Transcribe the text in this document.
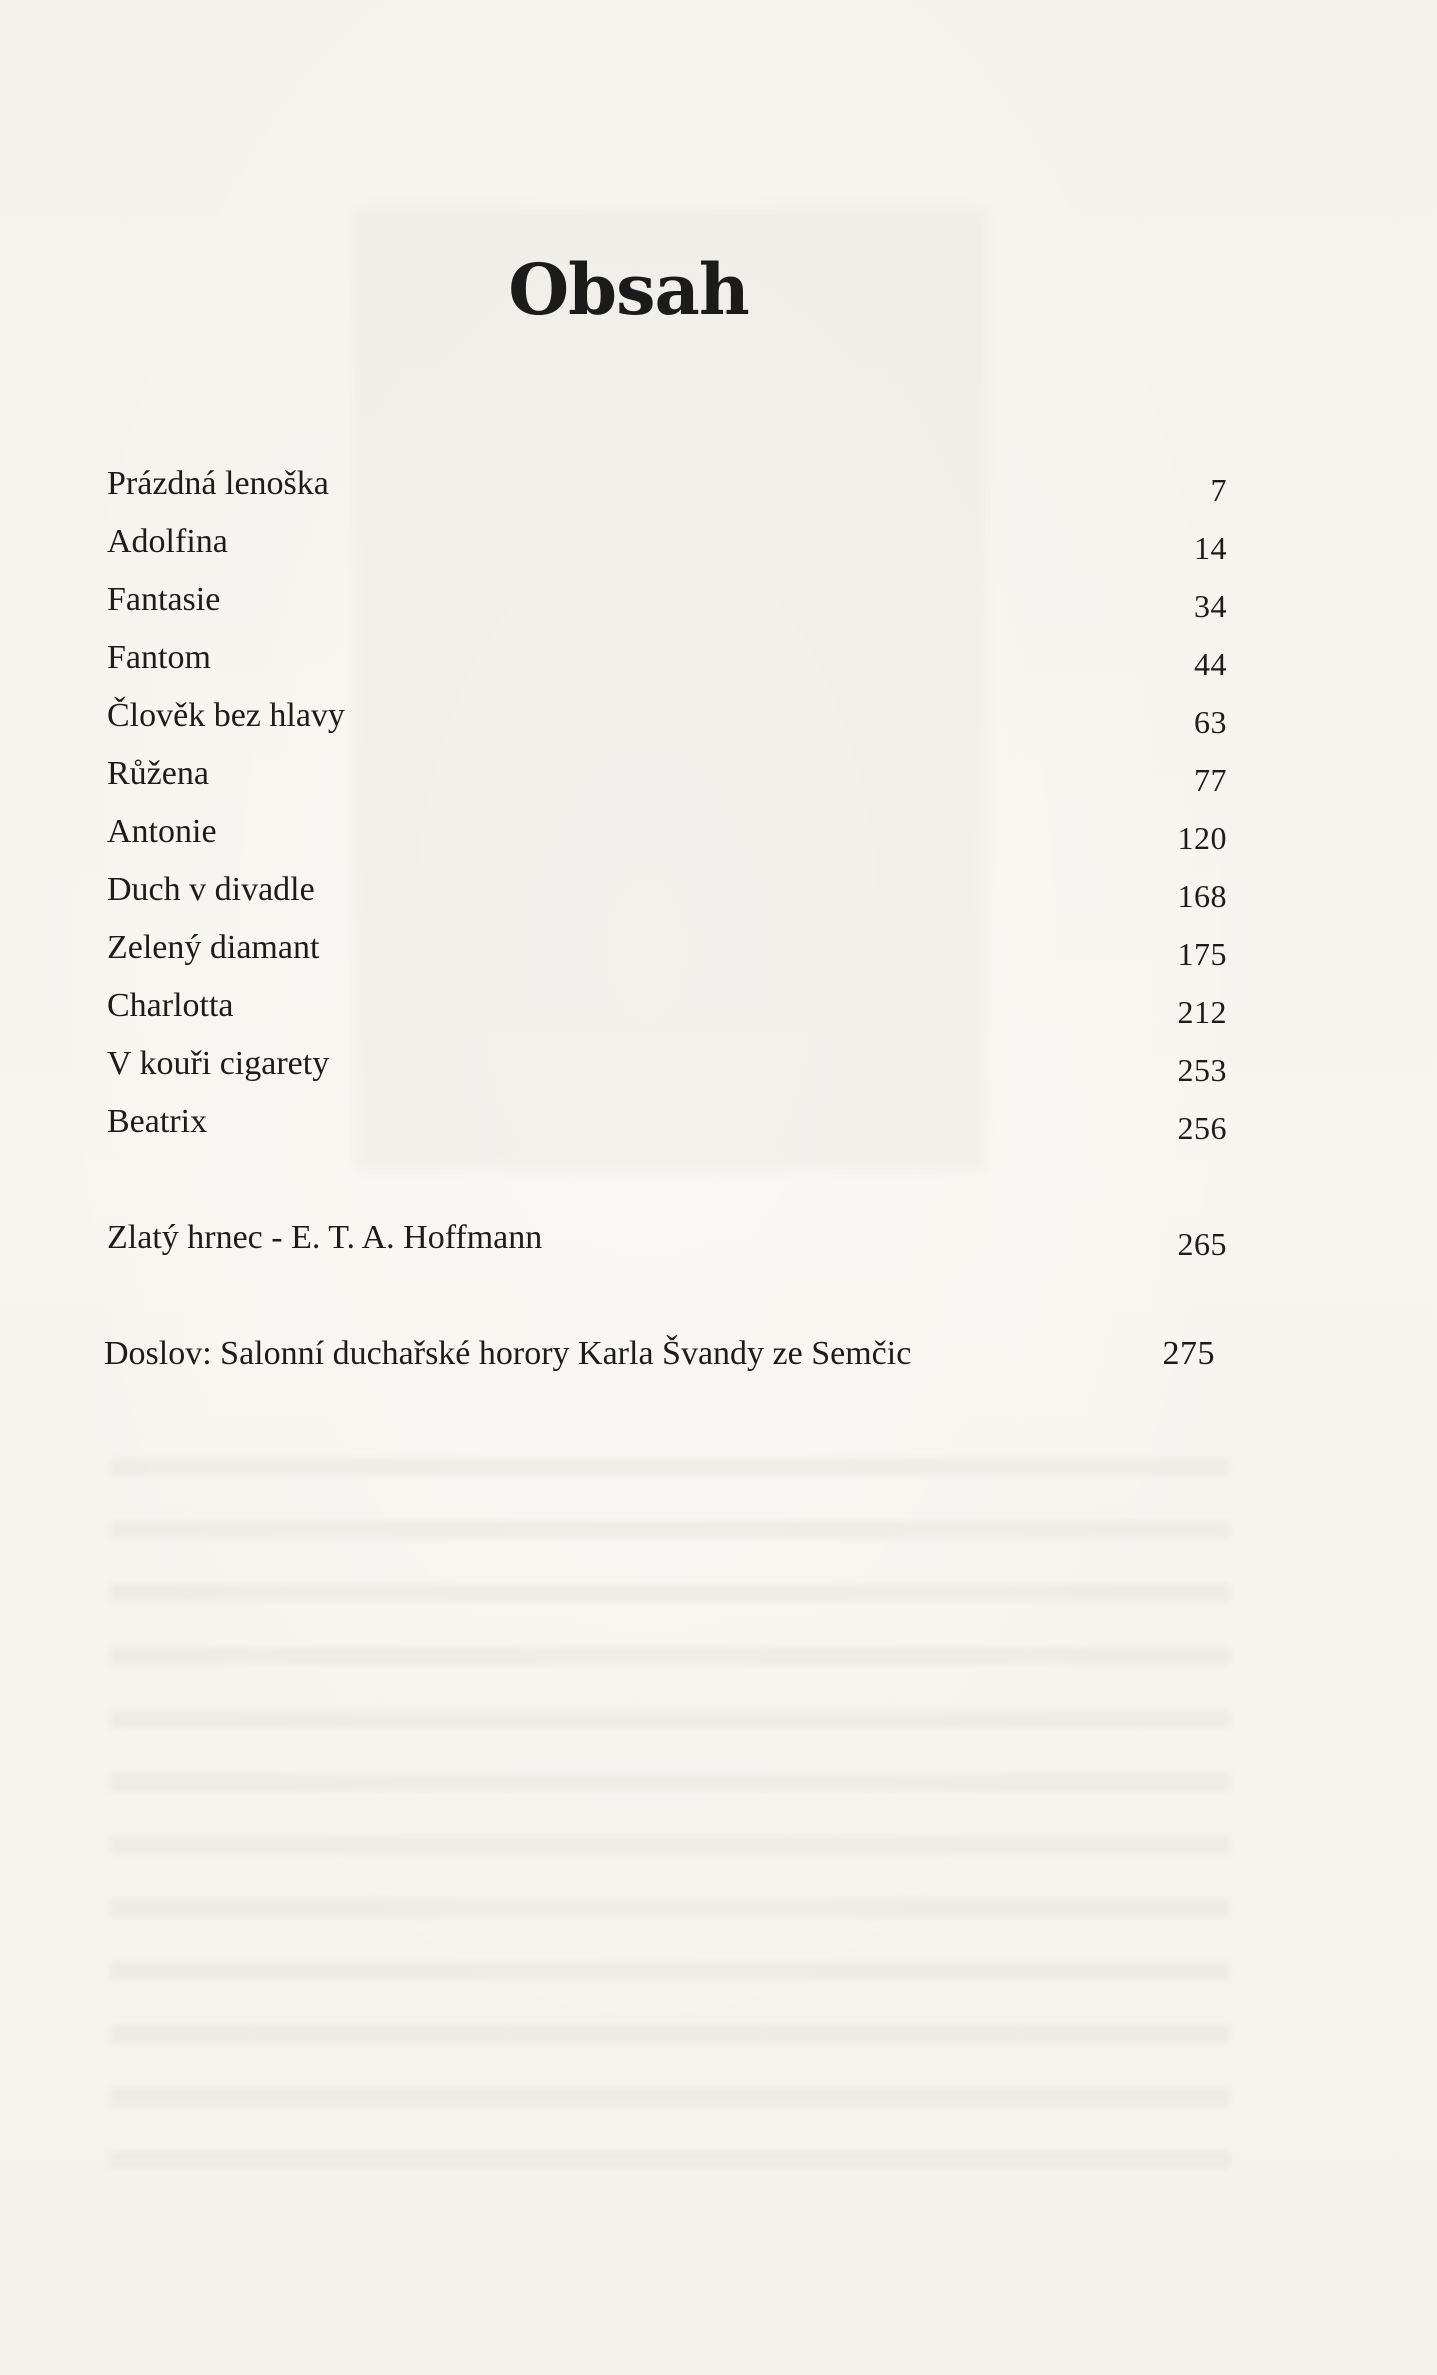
Obsah
Prázdná lenoška	7
Adolfina	14
Fantasie	34
Fantom	44
Člověk bez hlavy	63
Růžena	77
Antonie	120
Duch v divadle	168
Zelený diamant	175
Charlotta	212
V kouři cigarety	253
Beatrix	256
Zlatý hrnec - E. T. A. Hoffmann	265
Doslov: Salonní duchařské horory Karla Švandy ze Semčic	275
